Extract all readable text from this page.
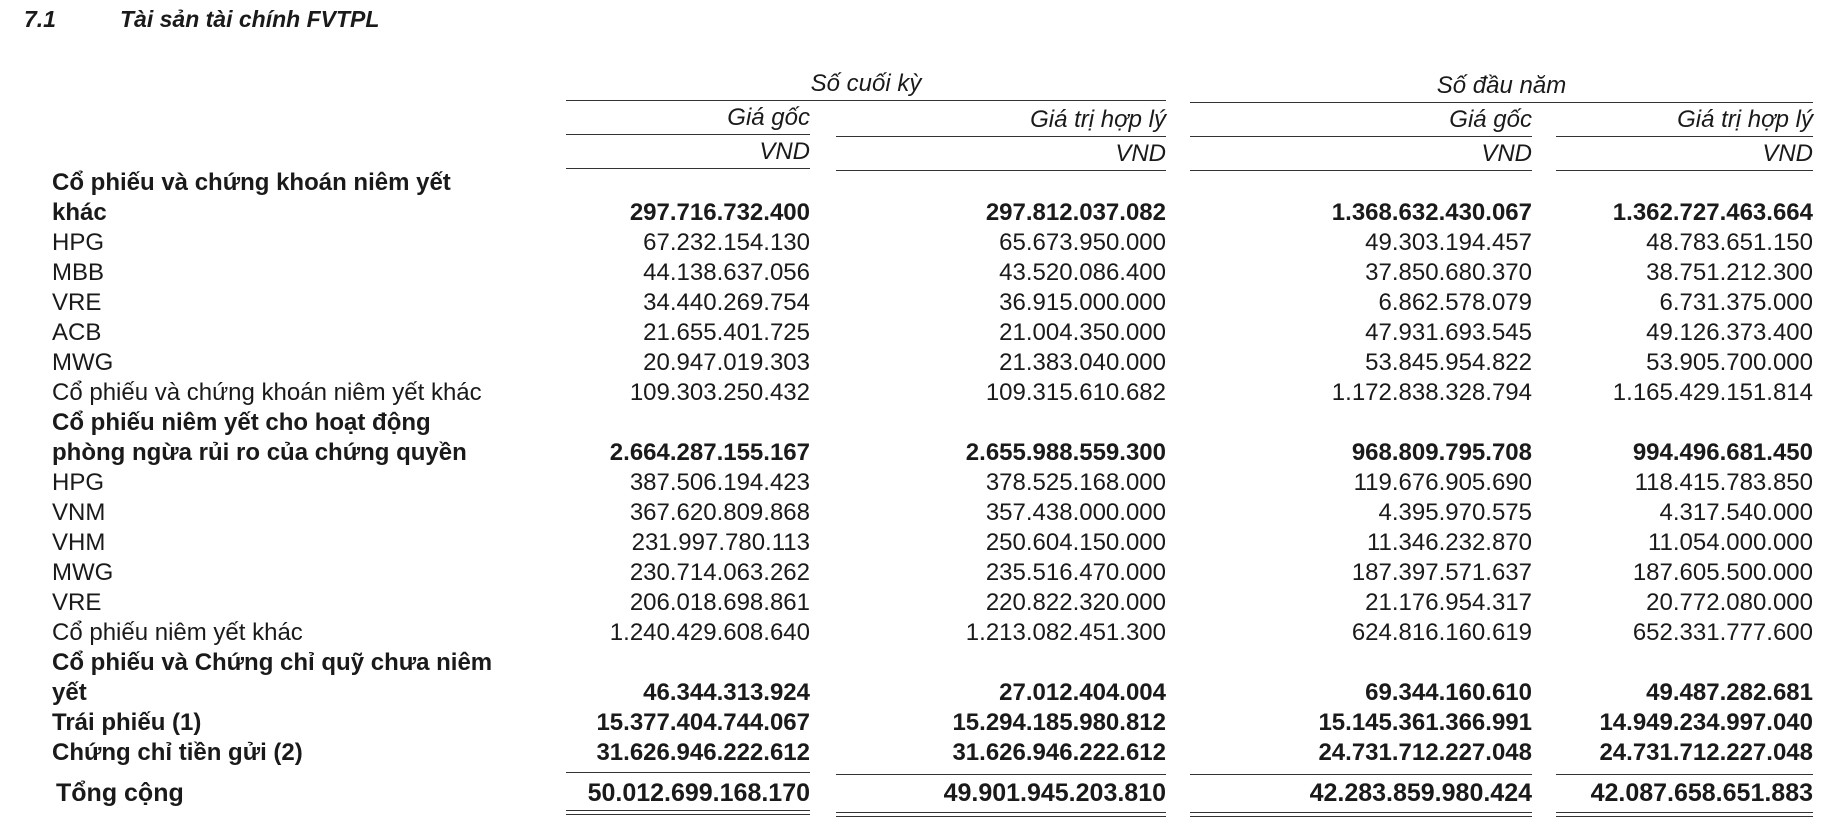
7.1	Tài sản tài chính FVTPL
Số cuối kỳ	Số đầu năm
Giá gốc	Giá trị hợp lý	Giá gốc	Giá trị hợp lý
VND	VND	VND	VND
Cổ phiếu và chứng khoán niêm yết
khác	297.716.732.400	297.812.037.082	1.368.632.430.067	1.362.727.463.664
HPG	67.232.154.130	65.673.950.000	49.303.194.457	48.783.651.150
MBB	44.138.637.056	43.520.086.400	37.850.680.370	38.751.212.300
VRE	34.440.269.754	36.915.000.000	6.862.578.079	6.731.375.000
ACB	21.655.401.725	21.004.350.000	47.931.693.545	49.126.373.400
MWG	20.947.019.303	21.383.040.000	53.845.954.822	53.905.700.000
Cổ phiếu và chứng khoán niêm yết khác	109.303.250.432	109.315.610.682	1.172.838.328.794	1.165.429.151.814
Cổ phiếu niêm yết cho hoạt động
phòng ngừa rủi ro của chứng quyền	2.664.287.155.167	2.655.988.559.300	968.809.795.708	994.496.681.450
HPG	387.506.194.423	378.525.168.000	119.676.905.690	118.415.783.850
VNM	367.620.809.868	357.438.000.000	4.395.970.575	4.317.540.000
VHM	231.997.780.113	250.604.150.000	11.346.232.870	11.054.000.000
MWG	230.714.063.262	235.516.470.000	187.397.571.637	187.605.500.000
VRE	206.018.698.861	220.822.320.000	21.176.954.317	20.772.080.000
Cổ phiếu niêm yết khác	1.240.429.608.640	1.213.082.451.300	624.816.160.619	652.331.777.600
Cổ phiếu và Chứng chỉ quỹ chưa niêm
yết	46.344.313.924	27.012.404.004	69.344.160.610	49.487.282.681
Trái phiếu (1)	15.377.404.744.067	15.294.185.980.812	15.145.361.366.991	14.949.234.997.040
Chứng chỉ tiền gửi (2)	31.626.946.222.612	31.626.946.222.612	24.731.712.227.048	24.731.712.227.048
Tổng cộng	50.012.699.168.170	49.901.945.203.810	42.283.859.980.424	42.087.658.651.883
